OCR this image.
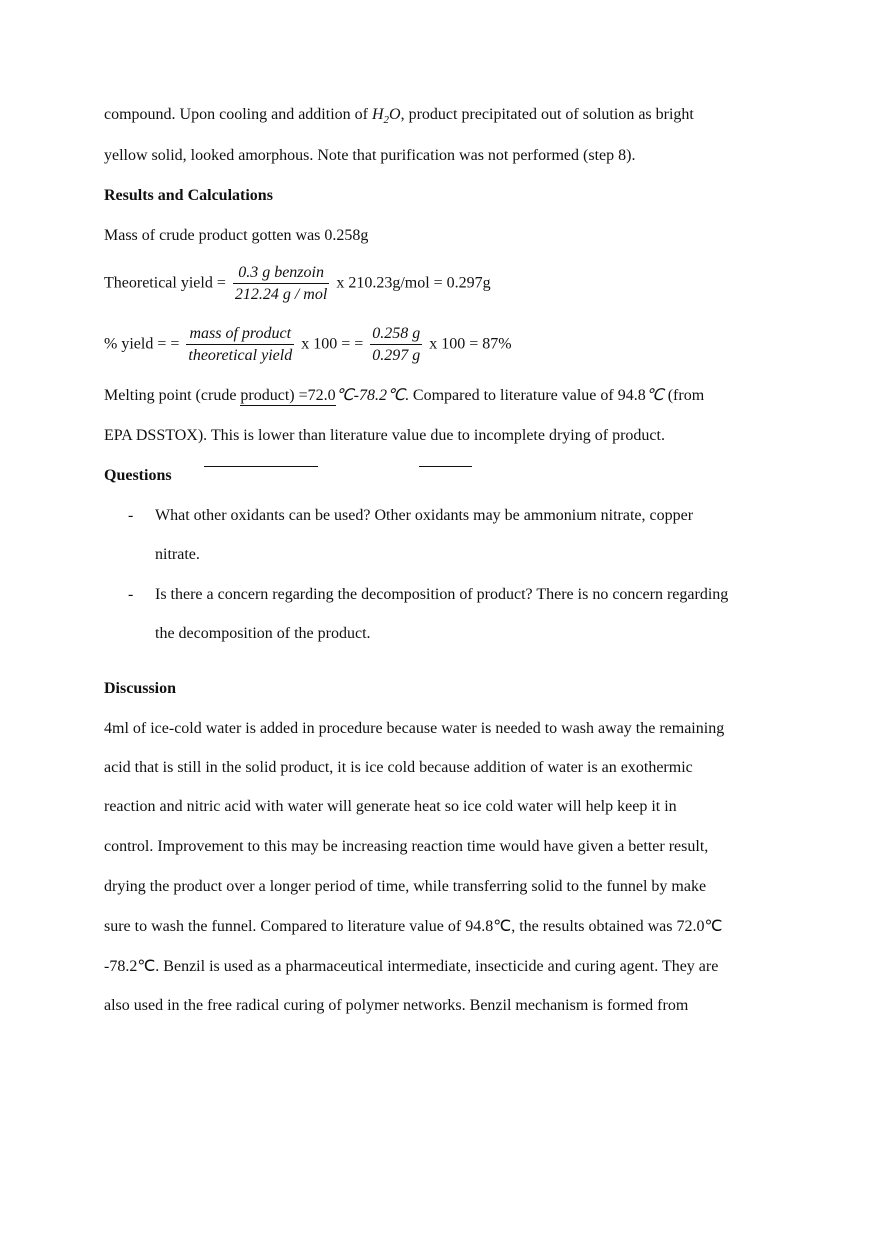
compound. Upon cooling and addition of $H_2O$, product precipitated out of solution as bright
yellow solid, looked amorphous. Note that purification was not performed (step 8).
Results and Calculations
Mass of crude product gotten was 0.258g
Theoretical yield = $\frac{\text{0.3 g benzoin}}{\text{212.24 g / mol}}$ x 210.23g/mol = 0.297g
% yield = = $\frac{\text{mass of product}}{\text{theoretical yield}}$ x 100 = = $\frac{0.258 g}{0.297 g}$ x 100 = 87%
Melting point (crude product) =72.0℃-78.2℃. Compared to literature value of 94.8℃ (from
EPA DSSTOX). This is lower than literature value due to incomplete drying of product.
Questions
- What other oxidants can be used? Other oxidants may be ammonium nitrate, copper
nitrate.
- Is there a concern regarding the decomposition of product? There is no concern regarding
the decomposition of the product.
Discussion
4ml of ice-cold water is added in procedure because water is needed to wash away the remaining
acid that is still in the solid product, it is ice cold because addition of water is an exothermic
reaction and nitric acid with water will generate heat so ice cold water will help keep it in
control. Improvement to this may be increasing reaction time would have given a better result,
drying the product over a longer period of time, while transferring solid to the funnel by make
sure to wash the funnel. Compared to literature value of 94.8℃, the results obtained was 72.0℃
-78.2℃. Benzil is used as a pharmaceutical intermediate, insecticide and curing agent. They are
also used in the free radical curing of polymer networks. Benzil mechanism is formed from
